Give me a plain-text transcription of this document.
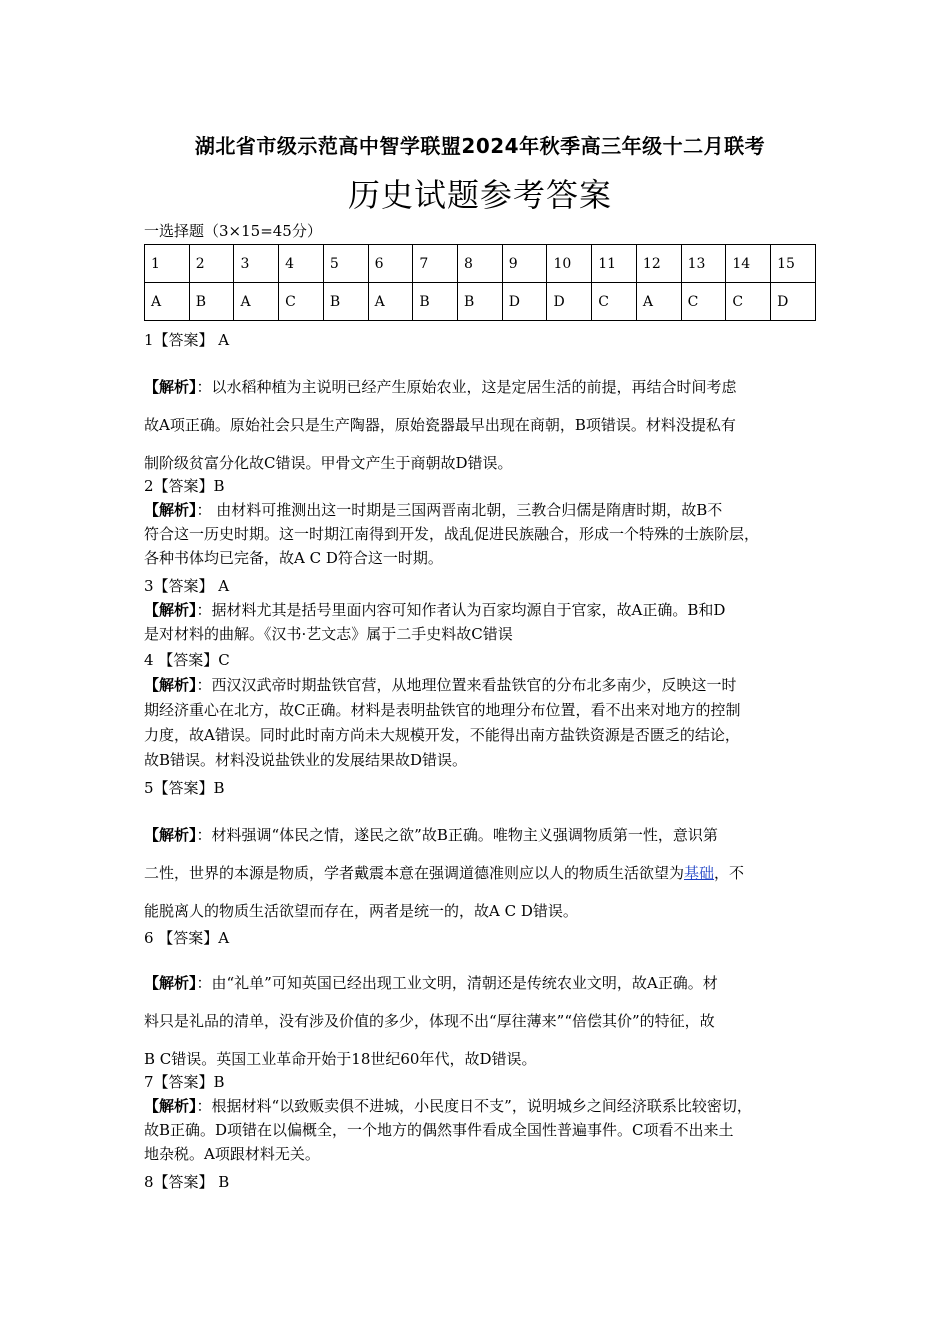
湖北省市级示范高中智学联盟2024年秋季高三年级十二月联考
历史试题参考答案
一选择题（3×15=45分）
1	2	3	4	5	6	7	8	9	10	11	12	13	14	15
A	B	A	C	B	A	B	B	D	D	C	A	C	C	D
1【答案】 A
【解析】：以水稻种植为主说明已经产生原始农业，这是定居生活的前提，再结合时间考虑
故A项正确。原始社会只是生产陶器，原始瓷器最早出现在商朝，B项错误。材料没提私有
制阶级贫富分化故C错误。甲骨文产生于商朝故D错误。
2【答案】B
【解析】： 由材料可推测出这一时期是三国两晋南北朝，三教合归儒是隋唐时期，故B不
符合这一历史时期。这一时期江南得到开发，战乱促进民族融合，形成一个特殊的士族阶层，
各种书体均已完备，故A C D符合这一时期。
3【答案】 A
【解析】：据材料尤其是括号里面内容可知作者认为百家均源自于官家，故A正确。B和D
是对材料的曲解。《汉书·艺文志》属于二手史料故C错误
4 【答案】C
【解析】：西汉汉武帝时期盐铁官营，从地理位置来看盐铁官的分布北多南少，反映这一时
期经济重心在北方，故C正确。材料是表明盐铁官的地理分布位置，看不出来对地方的控制
力度，故A错误。同时此时南方尚未大规模开发，不能得出南方盐铁资源是否匮乏的结论，
故B错误。材料没说盐铁业的发展结果故D错误。
5【答案】B
【解析】：材料强调“体民之情，遂民之欲”故B正确。唯物主义强调物质第一性，意识第
二性，世界的本源是物质，学者戴震本意在强调道德准则应以人的物质生活欲望为基础，不
能脱离人的物质生活欲望而存在，两者是统一的，故A C D错误。
6 【答案】A
【解析】：由“礼单”可知英国已经出现工业文明，清朝还是传统农业文明，故A正确。材
料只是礼品的清单，没有涉及价值的多少，体现不出“厚往薄来”“倍偿其价”的特征，故
B C错误。英国工业革命开始于18世纪60年代，故D错误。
7【答案】B
【解析】：根据材料“以致贩卖俱不进城，小民度日不支”，说明城乡之间经济联系比较密切，
故B正确。D项错在以偏概全，一个地方的偶然事件看成全国性普遍事件。C项看不出来土
地杂税。A项跟材料无关。
8【答案】 B
